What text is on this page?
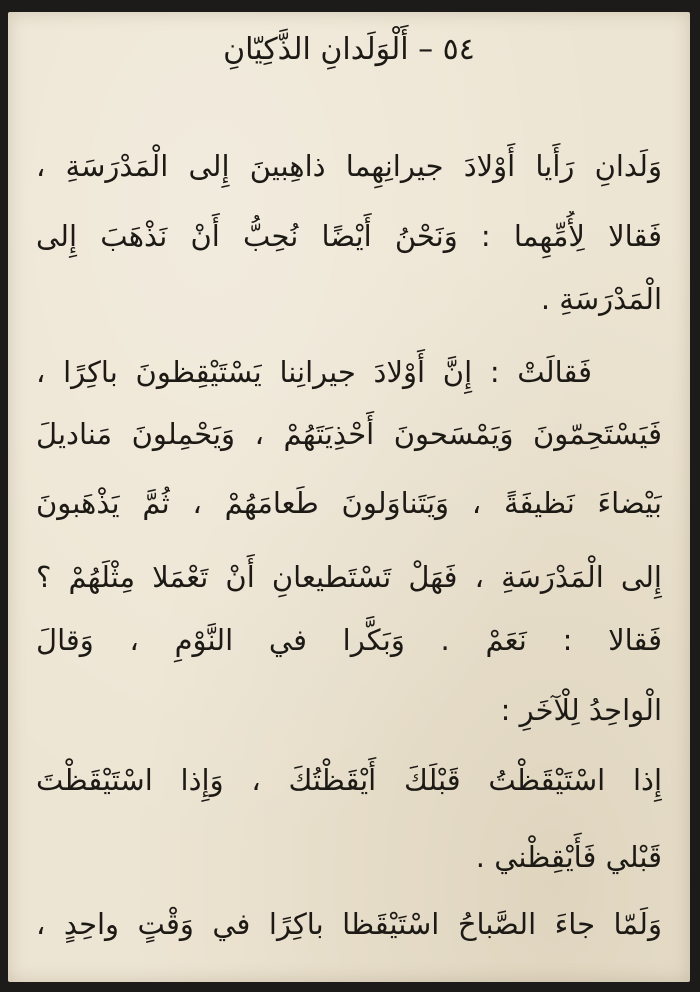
٥٤ – أَلْوَلَدانِ الذَّكِيّانِ
وَلَدانِ رَأَيا أَوْلادَ جيرانِهِما ذاهِبينَ إِلى الْمَدْرَسَةِ ،
فَقالا لِأُمِّهِما : وَنَحْنُ أَيْضًا نُحِبُّ أَنْ نَذْهَبَ إِلى
الْمَدْرَسَةِ .
فَقالَتْ : إِنَّ أَوْلادَ جيرانِنا يَسْتَيْقِظونَ باكِرًا ،
فَيَسْتَحِمّونَ وَيَمْسَحونَ أَحْذِيَتَهُمْ ، وَيَحْمِلونَ مَناديلَ
بَيْضاءَ نَظيفَةً ، وَيَتَناوَلونَ طَعامَهُمْ ، ثُمَّ يَذْهَبونَ
إِلى الْمَدْرَسَةِ ، فَهَلْ تَسْتَطيعانِ أَنْ تَعْمَلا مِثْلَهُمْ ؟
فَقالا : نَعَمْ . وَبَكَّرا في النَّوْمِ ، وَقالَ
الْواحِدُ لِلْآخَرِ :
إِذا اسْتَيْقَظْتُ قَبْلَكَ أَيْقَظْتُكَ ، وَإِذا اسْتَيْقَظْتَ
قَبْلي فَأَيْقِظْني .
وَلَمّا جاءَ الصَّباحُ اسْتَيْقَظا باكِرًا في وَقْتٍ واحِدٍ ،
